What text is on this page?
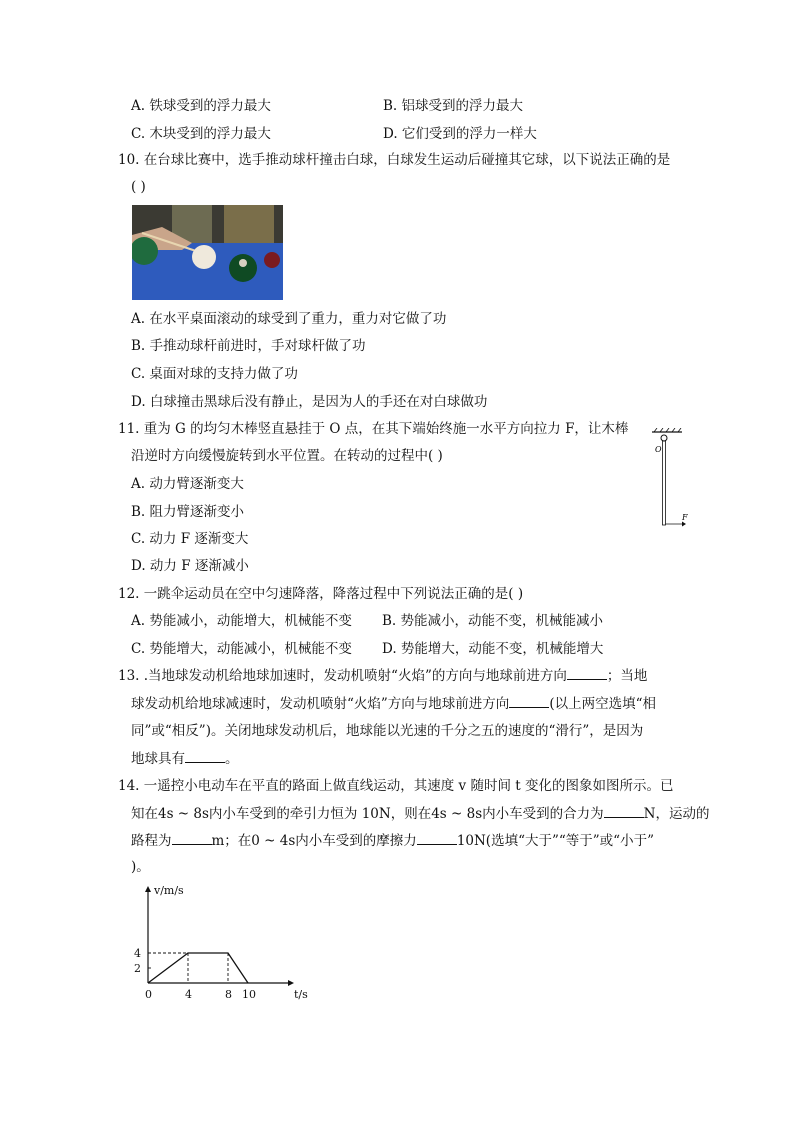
A. 铁球受到的浮力最大	B. 铝球受到的浮力最大
C. 木块受到的浮力最大	D. 它们受到的浮力一样大
10. 在台球比赛中，选手推动球杆撞击白球，白球发生运动后碰撞其它球，以下说法正确的是
( )
A. 在水平桌面滚动的球受到了重力，重力对它做了功
B. 手推动球杆前进时，手对球杆做了功
C. 桌面对球的支持力做了功
D. 白球撞击黑球后没有静止，是因为人的手还在对白球做功
11. 重为 G 的均匀木棒竖直悬挂于 O 点，在其下端始终施一水平方向拉力 F，让木棒
沿逆时方向缓慢旋转到水平位置。在转动的过程中( )
A. 动力臂逐渐变大
B. 阻力臂逐渐变小
C. 动力 F 逐渐变大
D. 动力 F 逐渐减小
O
F
12. 一跳伞运动员在空中匀速降落，降落过程中下列说法正确的是( )
A. 势能减小，动能增大，机械能不变 B. 势能减小，动能不变，机械能减小
C. 势能增大，动能减小，机械能不变 D. 势能增大，动能不变，机械能增大
13. .当地球发动机给地球加速时，发动机喷射“火焰”的方向与地球前进方向	；当地
球发动机给地球减速时，发动机喷射“火焰”方向与地球前进方向	(以上两空选填“相
同”或“相反”)。关闭地球发动机后，地球能以光速的千分之五的速度的“滑行”，是因为
地球具有	。
14. 一遥控小电动车在平直的路面上做直线运动，其速度 v 随时间 t 变化的图象如图所示。已
知在4s ~ 8s内小车受到的牵引力恒为 10N，则在4s ~ 8s内小车受到的合力为	N，运动的
路程为	m；在0 ~ 4s内小车受到的摩擦力	10N(选填“大于”“等于”或“小于”
)。
v/m/s
t/s
0	4	8 10
2
4
